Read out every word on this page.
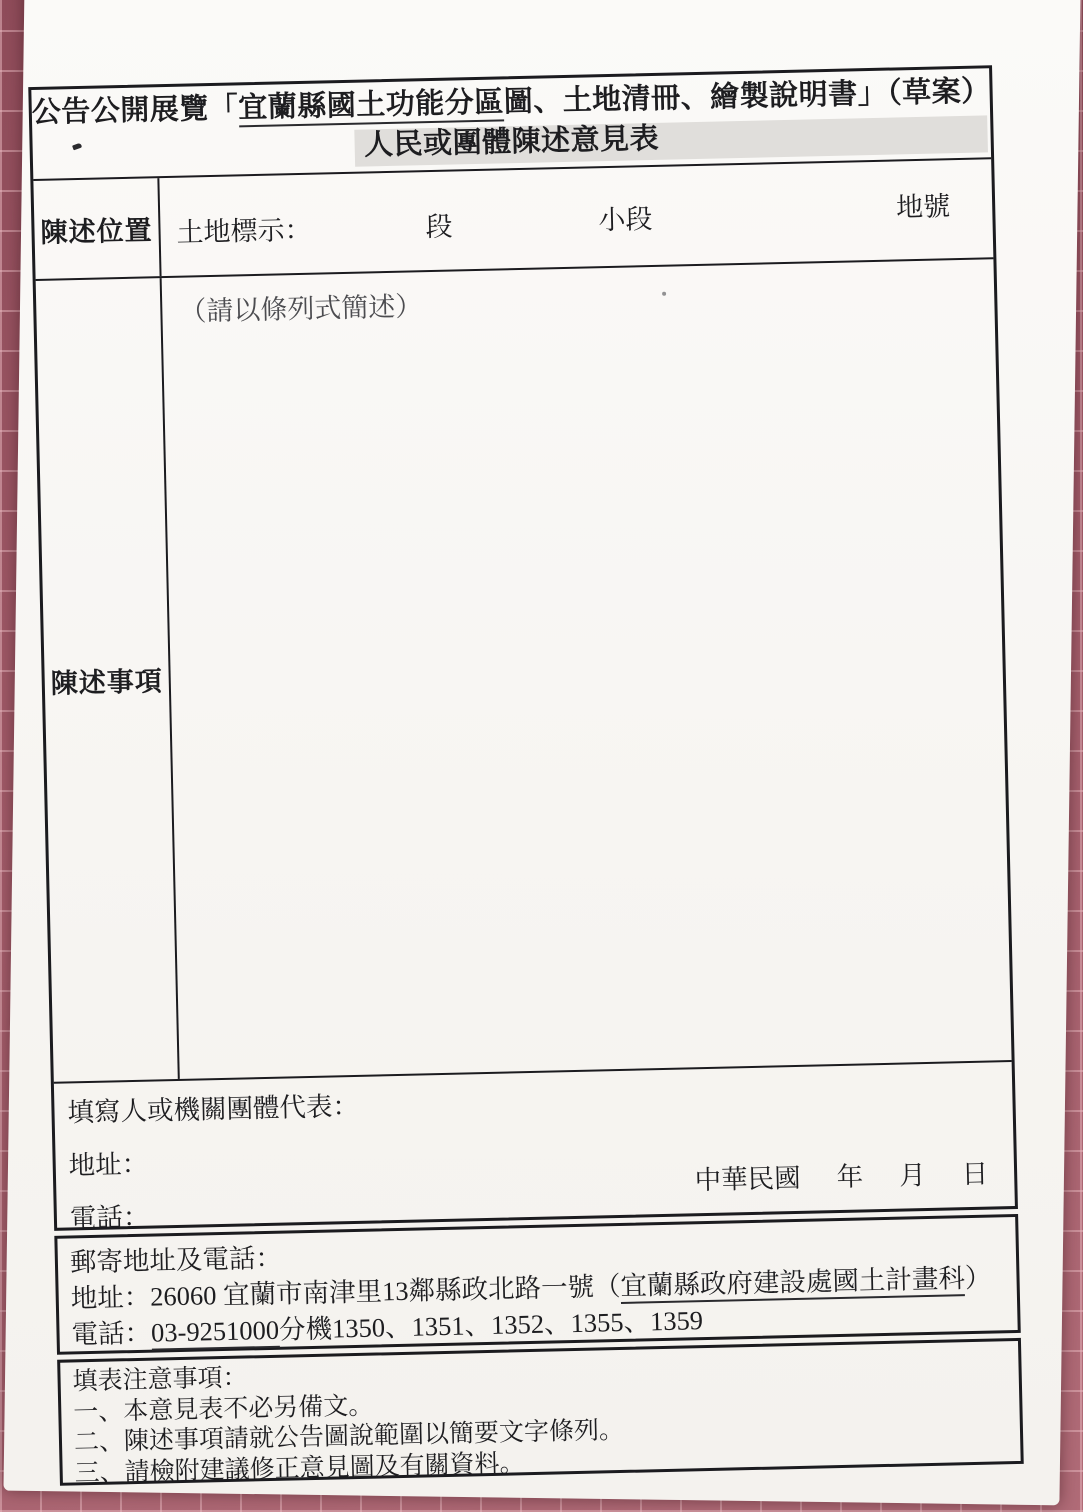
公告公開展覽「宜蘭縣國土功能分區圖、土地清冊、繪製說明書」（草案）
人民或團體陳述意見表
陳述位置 土地標示：	段	小段	地號
陳述事項
（請以條列式簡述）
填寫人或機關團體代表：
地址：
電話：
中華民國 年 月 日
郵寄地址及電話：
地址：26060 宜蘭市南津里13鄰縣政北路一號（宜蘭縣政府建設處國土計畫科）
電話：03-9251000分機1350、1351、1352、1355、1359
填表注意事項：
一、本意見表不必另備文。
二、陳述事項請就公告圖說範圍以簡要文字條列。
三、請檢附建議修正意見圖及有關資料。
